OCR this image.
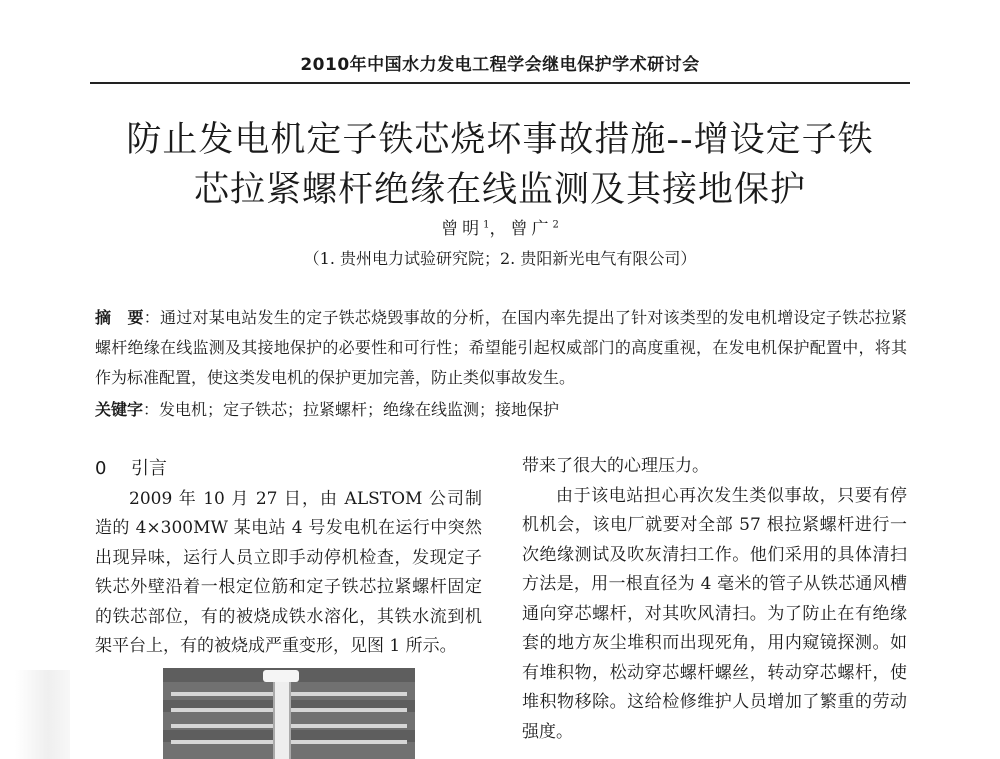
2010年中国水力发电工程学会继电保护学术研讨会
防止发电机定子铁芯烧坏事故措施--增设定子铁
芯拉紧螺杆绝缘在线监测及其接地保护
曾明$^1$，曾广$^2$
（1. 贵州电力试验研究院；2. 贵阳新光电气有限公司）
摘　要：通过对某电站发生的定子铁芯烧毁事故的分析，在国内率先提出了针对该类型的发电机增设定子铁芯拉紧螺杆绝缘在线监测及其接地保护的必要性和可行性；希望能引起权威部门的高度重视，在发电机保护配置中，将其作为标准配置，使这类发电机的保护更加完善，防止类似事故发生。
关键字：发电机；定子铁芯；拉紧螺杆；绝缘在线监测；接地保护
0 引言

2009 年 10 月 27 日，由 ALSTOM 公司制造的 4×300MW 某电站 4 号发电机在运行中突然出现异味，运行人员立即手动停机检查，发现定子铁芯外壁沿着一根定位筋和定子铁芯拉紧螺杆固定的铁芯部位，有的被烧成铁水溶化，其铁水流到机架平台上，有的被烧成严重变形，见图 1 所示。

带来了很大的心理压力。

由于该电站担心再次发生类似事故，只要有停机机会，该电厂就要对全部 57 根拉紧螺杆进行一次绝缘测试及吹灰清扫工作。他们采用的具体清扫方法是，用一根直径为 4 毫米的管子从铁芯通风槽通向穿芯螺杆，对其吹风清扫。为了防止在有绝缘套的地方灰尘堆积而出现死角，用内窥镜探测。如有堆积物，松动穿芯螺杆螺丝，转动穿芯螺杆，使堆积物移除。这给检修维护人员增加了繁重的劳动强度。
